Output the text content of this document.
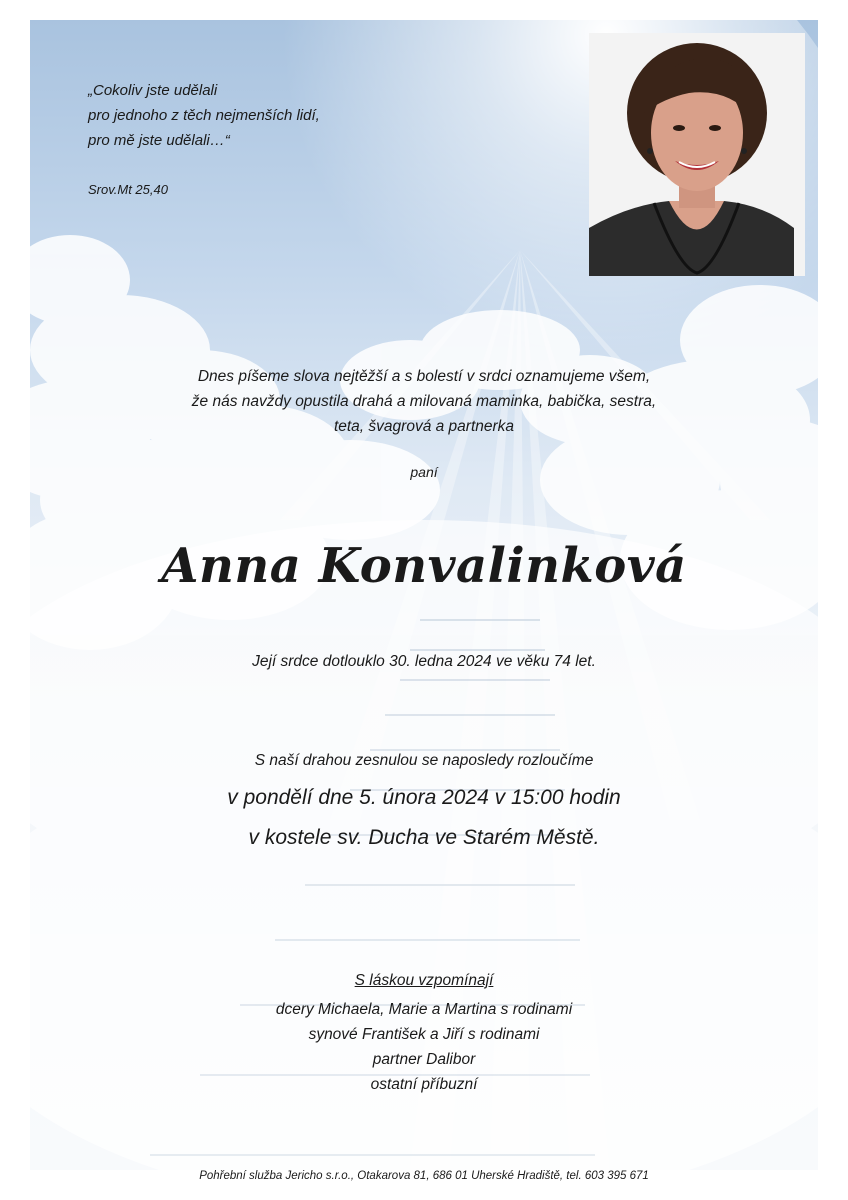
„Cokoliv jste udělali
pro jednoho z těch nejmenších lidí,
pro mě jste udělali…“
Srov.Mt 25,40
Dnes píšeme slova nejtěžší a s bolestí v srdci oznamujeme všem,
že nás navždy opustila drahá a milovaná maminka, babička, sestra,
teta, švagrová a partnerka
paní
Anna Konvalinková
Její srdce dotlouklo 30. ledna 2024 ve věku 74 let.
S naší drahou zesnulou se naposledy rozloučíme
v pondělí dne 5. února 2024 v 15:00 hodin
v kostele sv. Ducha ve Starém Městě.
S láskou vzpomínají
dcery Michaela, Marie a Martina s rodinami
synové František a Jiří s rodinami
partner Dalibor
ostatní příbuzní
Pohřební služba Jericho s.r.o., Otakarova 81, 686 01 Uherské Hradiště, tel. 603 395 671
